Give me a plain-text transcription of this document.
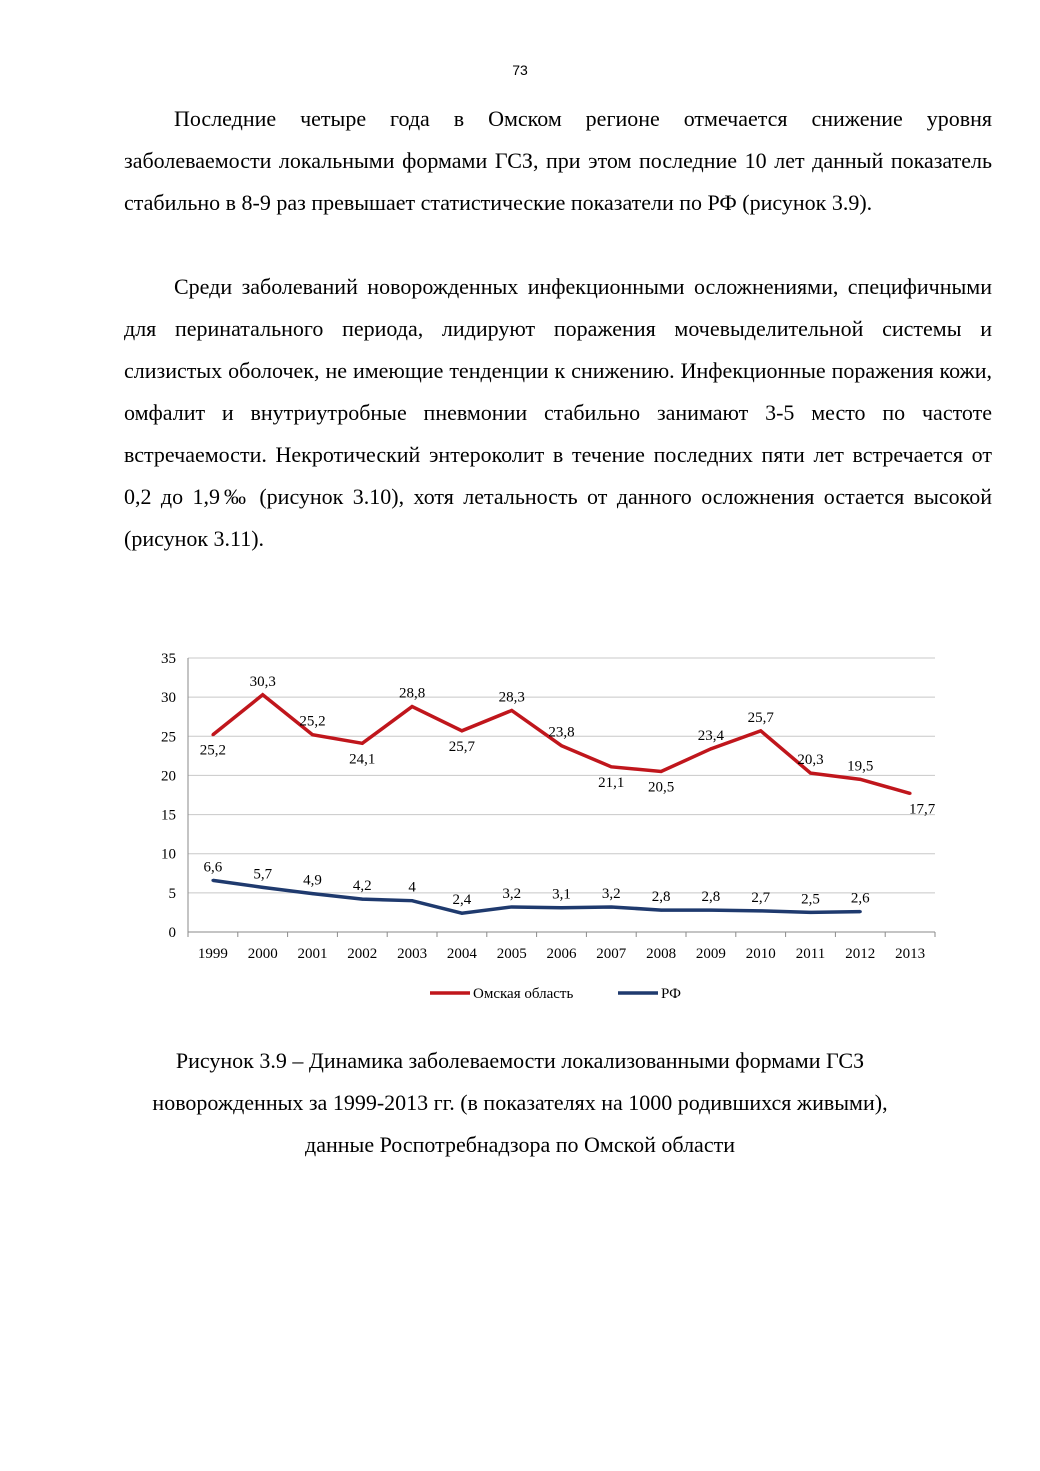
73

Последние четыре года в Омском регионе отмечается снижение уровня заболеваемости локальными формами ГСЗ, при этом последние 10 лет данный показатель стабильно в 8-9 раз превышает статистические показатели по РФ (рисунок 3.9).

Среди заболеваний новорожденных инфекционными осложнениями, специфичными для перинатального периода, лидируют поражения мочевыделительной системы и слизистых оболочек, не имеющие тенденции к снижению. Инфекционные поражения кожи, омфалит и внутриутробные пневмонии стабильно занимают 3-5 место по частоте встречаемости. Некротический энтероколит в течение последних пяти лет встречается от 0,2 до 1,9‰ (рисунок 3.10), хотя летальность от данного осложнения остается высокой (рисунок 3.11).

0
5
10
15
20
25
30
35
1999 2000 2001 2002 2003 2004 2005 2006 2007 2008 2009 2010 2011 2012 2013
25,2
30,3
25,2
24,1
28,8
25,7
28,3
23,8
21,1 20,5
23,4
25,7
20,3 19,5
17,7
6,6 5,7 4,9 4,2 4
2,4 3,2 3,1 3,2 2,8 2,8 2,7 2,5 2,6
Омская область	РФ
Рисунок 3.9 – Динамика заболеваемости локализованными формами ГСЗ
новорожденных за 1999-2013 гг. (в показателях на 1000 родившихся живыми),
данные Роспотребнадзора по Омской области
